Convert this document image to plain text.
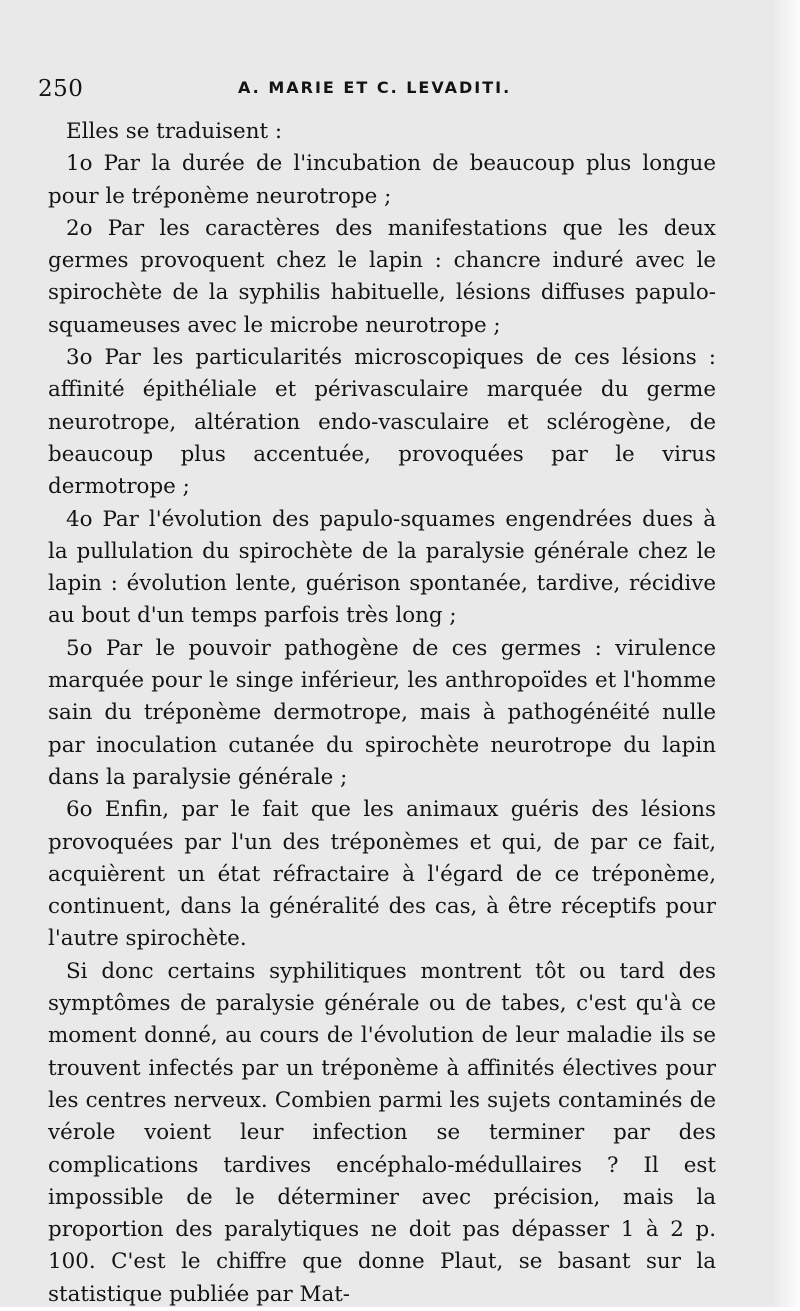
250	A. MARIE ET C. LEVADITI.

Elles se traduisent :

1o Par la durée de l'incubation de beaucoup plus longue pour le tréponème neurotrope ;

2o Par les caractères des manifestations que les deux germes provoquent chez le lapin : chancre induré avec le spirochète de la syphilis habituelle, lésions diffuses papulo-squameuses avec le microbe neurotrope ;

3o Par les particularités microscopiques de ces lésions : affinité épithéliale et périvasculaire marquée du germe neurotrope, altération endo-vasculaire et sclérogène, de beaucoup plus accentuée, provoquées par le virus dermotrope ;

4o Par l'évolution des papulo-squames engendrées dues à la pullulation du spirochète de la paralysie générale chez le lapin : évolution lente, guérison spontanée, tardive, récidive au bout d'un temps parfois très long ;

5o Par le pouvoir pathogène de ces germes : virulence marquée pour le singe inférieur, les anthropoïdes et l'homme sain du tréponème dermotrope, mais à pathogénéité nulle par inoculation cutanée du spirochète neurotrope du lapin dans la paralysie générale ;

6o Enfin, par le fait que les animaux guéris des lésions provoquées par l'un des tréponèmes et qui, de par ce fait, acquièrent un état réfractaire à l'égard de ce tréponème, continuent, dans la généralité des cas, à être réceptifs pour l'autre spirochète.

Si donc certains syphilitiques montrent tôt ou tard des symptômes de paralysie générale ou de tabes, c'est qu'à ce moment donné, au cours de l'évolution de leur maladie ils se trouvent infectés par un tréponème à affinités électives pour les centres nerveux. Combien parmi les sujets contaminés de vérole voient leur infection se terminer par des complications tardives encéphalo-médullaires ? Il est impossible de le déterminer avec précision, mais la proportion des paralytiques ne doit pas dépasser 1 à 2 p. 100. C'est le chiffre que donne Plaut, se basant sur la statistique publiée par Mat-
